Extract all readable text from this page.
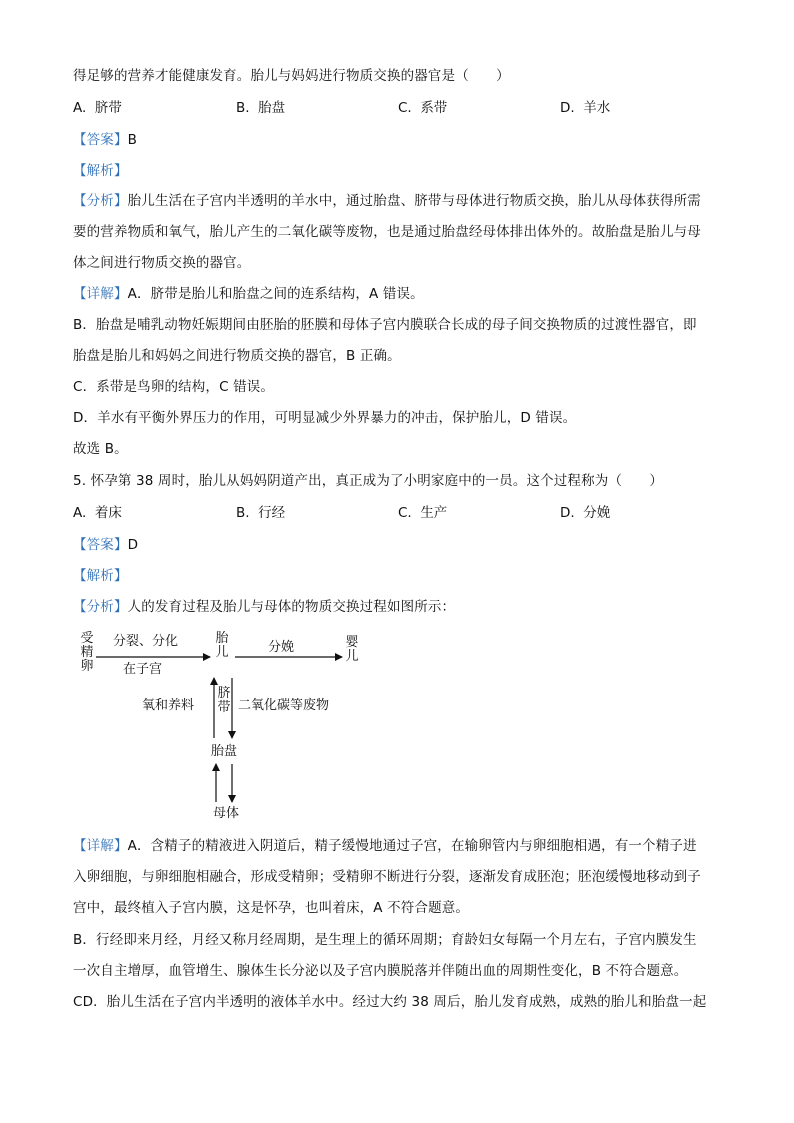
得足够的营养才能健康发育。胎儿与妈妈进行物质交换的器官是（　　）
A. 脐带	B. 胎盘	C. 系带	D. 羊水
【答案】B
【解析】
【分析】胎儿生活在子宫内半透明的羊水中，通过胎盘、脐带与母体进行物质交换，胎儿从母体获得所需
要的营养物质和氧气，胎儿产生的二氧化碳等废物，也是通过胎盘经母体排出体外的。故胎盘是胎儿与母
体之间进行物质交换的器官。
【详解】A．脐带是胎儿和胎盘之间的连系结构，A 错误。
B．胎盘是哺乳动物妊娠期间由胚胎的胚膜和母体子宫内膜联合长成的母子间交换物质的过渡性器官，即
胎盘是胎儿和妈妈之间进行物质交换的器官，B 正确。
C．系带是鸟卵的结构，C 错误。
D．羊水有平衡外界压力的作用，可明显减少外界暴力的冲击，保护胎儿，D 错误。
故选 B。
5. 怀孕第 38 周时，胎儿从妈妈阴道产出，真正成为了小明家庭中的一员。这个过程称为（　　）
A. 着床	B. 行经	C. 生产	D. 分娩
【答案】D
【解析】
【分析】人的发育过程及胎儿与母体的物质交换过程如图所示：
受精卵
分裂、分化
在子宫
胎儿	分娩	婴儿
氧和养料
脐带 二氧化碳等废物
胎盘
母体
【详解】A．含精子的精液进入阴道后，精子缓慢地通过子宫，在输卵管内与卵细胞相遇，有一个精子进
入卵细胞，与卵细胞相融合，形成受精卵；受精卵不断进行分裂，逐渐发育成胚泡；胚泡缓慢地移动到子
宫中，最终植入子宫内膜，这是怀孕，也叫着床，A 不符合题意。
B．行经即来月经，月经又称月经周期，是生理上的循环周期；育龄妇女每隔一个月左右，子宫内膜发生
一次自主增厚，血管增生、腺体生长分泌以及子宫内膜脱落并伴随出血的周期性变化，B 不符合题意。
CD．胎儿生活在子宫内半透明的液体羊水中。经过大约 38 周后，胎儿发育成熟，成熟的胎儿和胎盘一起
